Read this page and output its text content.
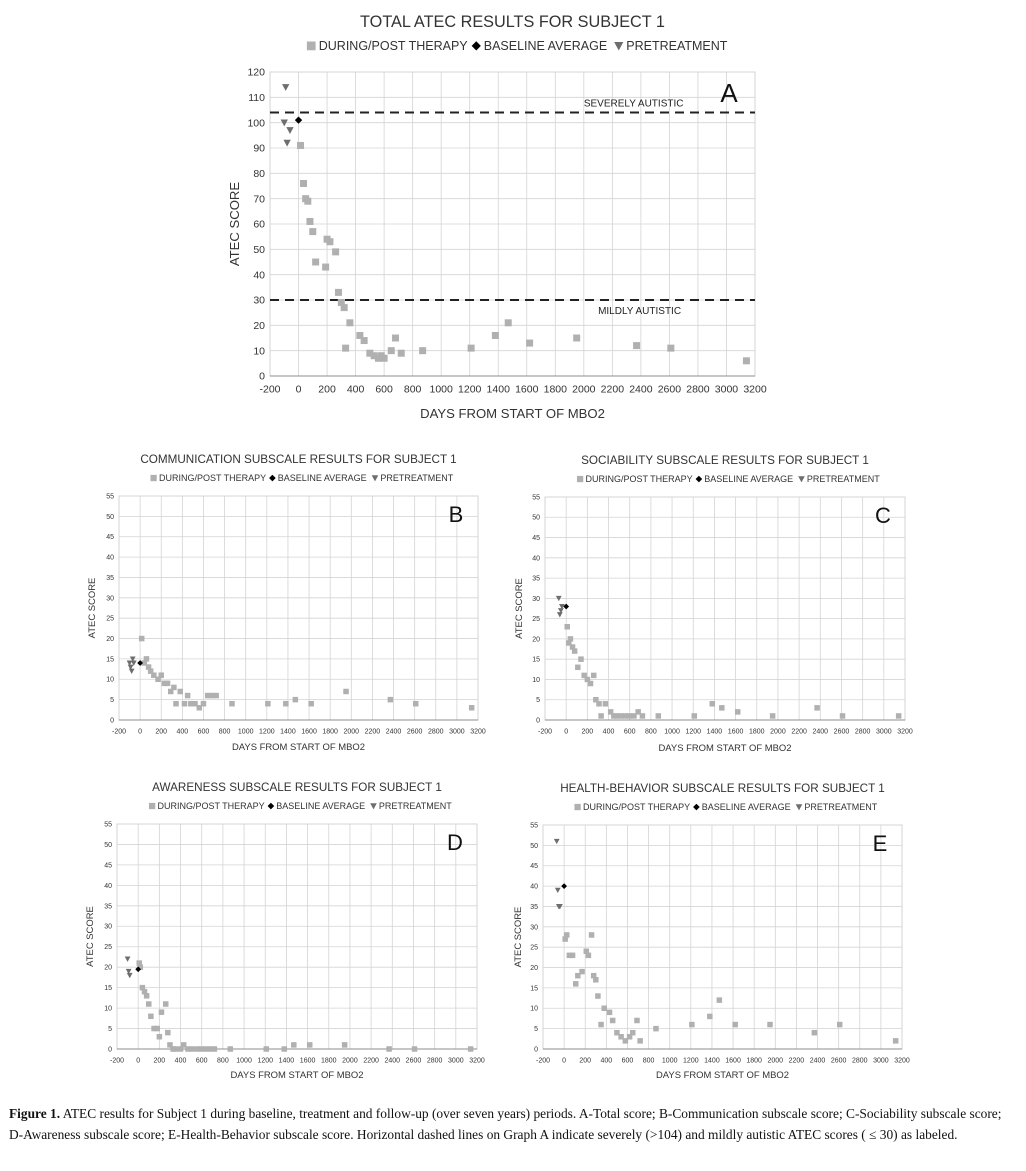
-200 0 200 400 600 800 1000 1200 1400 1600 1800 2000 2200 2400 2600 2800 3000 3200
0
10
20
30
40
50
60
70
80
90
100
110
120
TOTAL ATEC RESULTS FOR SUBJECT 1
DURING/POST THERAPY BASELINE AVERAGE PRETREATMENT
DAYS FROM START OF MBO2
ATEC SCORE
SEVERELY AUTISTIC
MILDLY AUTISTIC
A
-200 0 200 400 600 800 1000 1200 1400 1600 1800 2000 2200 2400 2600 2800 3000 3200
0
5
10
15
20
25
30
35
40
45
50
55
COMMUNICATION SUBSCALE RESULTS FOR SUBJECT 1
DURING/POST THERAPY BASELINE AVERAGE PRETREATMENT
DAYS FROM START OF MBO2
ATEC SCORE
B
-200 0 200 400 600 800 1000 1200 1400 1600 1800 2000 2200 2400 2600 2800 3000 3200
0
5
10
15
20
25
30
35
40
45
50
55
SOCIABILITY SUBSCALE RESULTS FOR SUBJECT 1
DURING/POST THERAPY BASELINE AVERAGE PRETREATMENT
DAYS FROM START OF MBO2
ATEC SCORE
C
-200 0 200 400 600 800 1000 1200 1400 1600 1800 2000 2200 2400 2600 2800 3000 3200
0
5
10
15
20
25
30
35
40
45
50
55
AWARENESS SUBSCALE RESULTS FOR SUBJECT 1
DURING/POST THERAPY BASELINE AVERAGE PRETREATMENT
DAYS FROM START OF MBO2
ATEC SCORE
D
-200 0 200 400 600 800 1000 1200 1400 1600 1800 2000 2200 2400 2600 2800 3000 3200
0
5
10
15
20
25
30
35
40
45
50
55
HEALTH-BEHAVIOR SUBSCALE RESULTS FOR SUBJECT 1
DURING/POST THERAPY BASELINE AVERAGE PRETREATMENT
DAYS FROM START OF MBO2
ATEC SCORE
E

Figure 1. ATEC results for Subject 1 during baseline, treatment and follow-up (over seven years) periods. A-Total score; B-Communication subscale score; C-Sociability subscale score; D-Awareness subscale score; E-Health-Behavior subscale score. Horizontal dashed lines on Graph A indicate severely (>104) and mildly autistic ATEC scores ( ≤ 30) as labeled.
